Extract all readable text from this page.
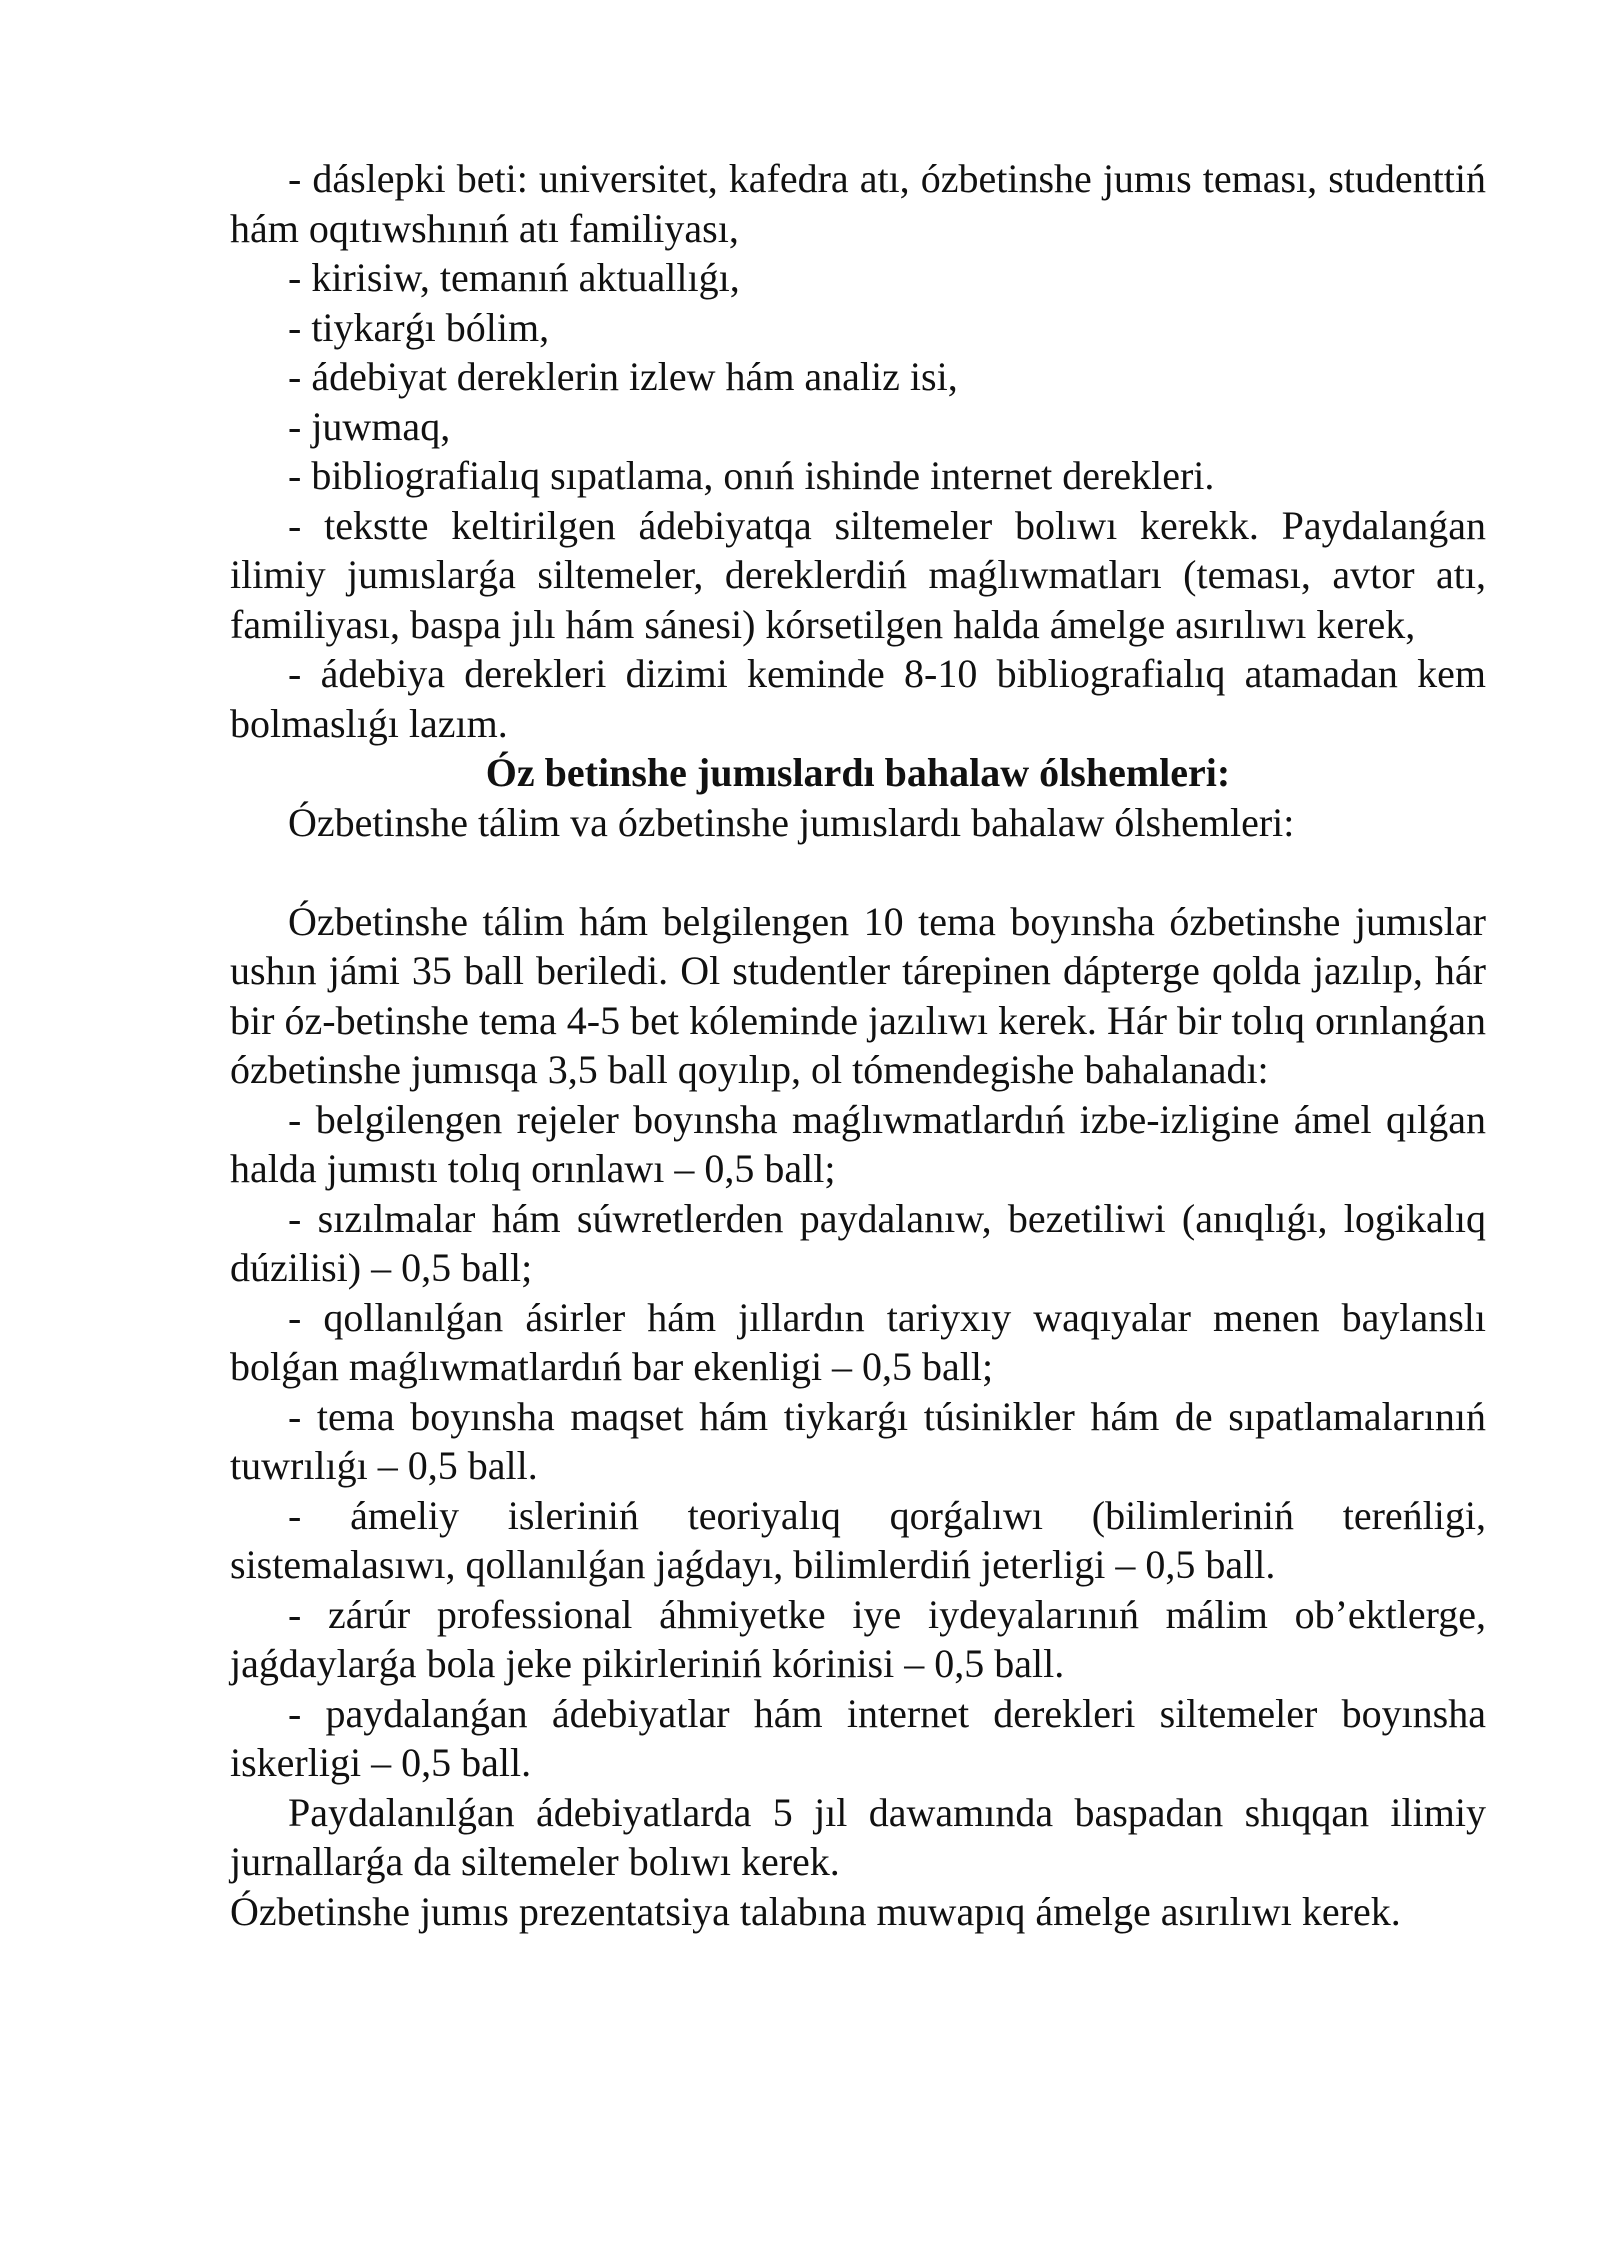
- dáslepki beti: universitet, kafedra atı, ózbetinshe jumıs teması, studenttiń hám oqıtıwshınıń atı familiyası,

- kirisiw, temanıń aktuallıǵı,

- tiykarǵı bólim,

- ádebiyat dereklerin izlew hám analiz isi,

- juwmaq,

- bibliografialıq sıpatlama, onıń ishinde internet derekleri.

- tekstte keltirilgen ádebiyatqa siltemeler bolıwı kerekk. Paydalanǵan ilimiy jumıslarǵa siltemeler, dereklerdiń maǵlıwmatları (teması, avtor atı, familiyası, baspa jılı hám sánesi) kórsetilgen halda ámelge asırılıwı kerek,

- ádebiya derekleri dizimi keminde 8-10 bibliografialıq atamadan kem bolmaslıǵı lazım.

Óz betinshe jumıslardı bahalaw ólshemleri:

Ózbetinshe tálim va ózbetinshe jumıslardı bahalaw ólshemleri:

Ózbetinshe tálim hám belgilengen 10 tema boyınsha ózbetinshe jumıslar ushın jámi 35 ball beriledi. Ol studentler tárepinen dápterge qolda jazılıp, hár bir óz-betinshe tema 4-5 bet kóleminde jazılıwı kerek. Hár bir tolıq orınlanǵan ózbetinshe jumısqa 3,5 ball qoyılıp, ol tómendegishe bahalanadı:

- belgilengen rejeler boyınsha maǵlıwmatlardıń izbe-izligine ámel qılǵan halda jumıstı tolıq orınlawı – 0,5 ball;

- sızılmalar hám súwretlerden paydalanıw, bezetiliwi (anıqlıǵı, logikalıq dúzilisi) – 0,5 ball;

- qollanılǵan ásirler hám jıllardın tariyxıy waqıyalar menen baylanslı bolǵan maǵlıwmatlardıń bar ekenligi – 0,5 ball;

- tema boyınsha maqset hám tiykarǵı túsinikler hám de sıpatlamalarınıń tuwrılıǵı – 0,5 ball.

- ámeliy isleriniń teoriyalıq qorǵalıwı (bilimleriniń tereńligi, sistemalasıwı, qollanılǵan jaǵdayı, bilimlerdiń jeterligi – 0,5 ball.

- zárúr professional áhmiyetke iye iydeyalarınıń málim ob’ektlerge, jaǵdaylarǵa bola jeke pikirleriniń kórinisi – 0,5 ball.

- paydalanǵan ádebiyatlar hám internet derekleri siltemeler boyınsha iskerligi – 0,5 ball.

Paydalanılǵan ádebiyatlarda 5 jıl dawamında baspadan shıqqan ilimiy jurnallarǵa da siltemeler bolıwı kerek.

Ózbetinshe jumıs prezentatsiya talabına muwapıq ámelge asırılıwı kerek.
